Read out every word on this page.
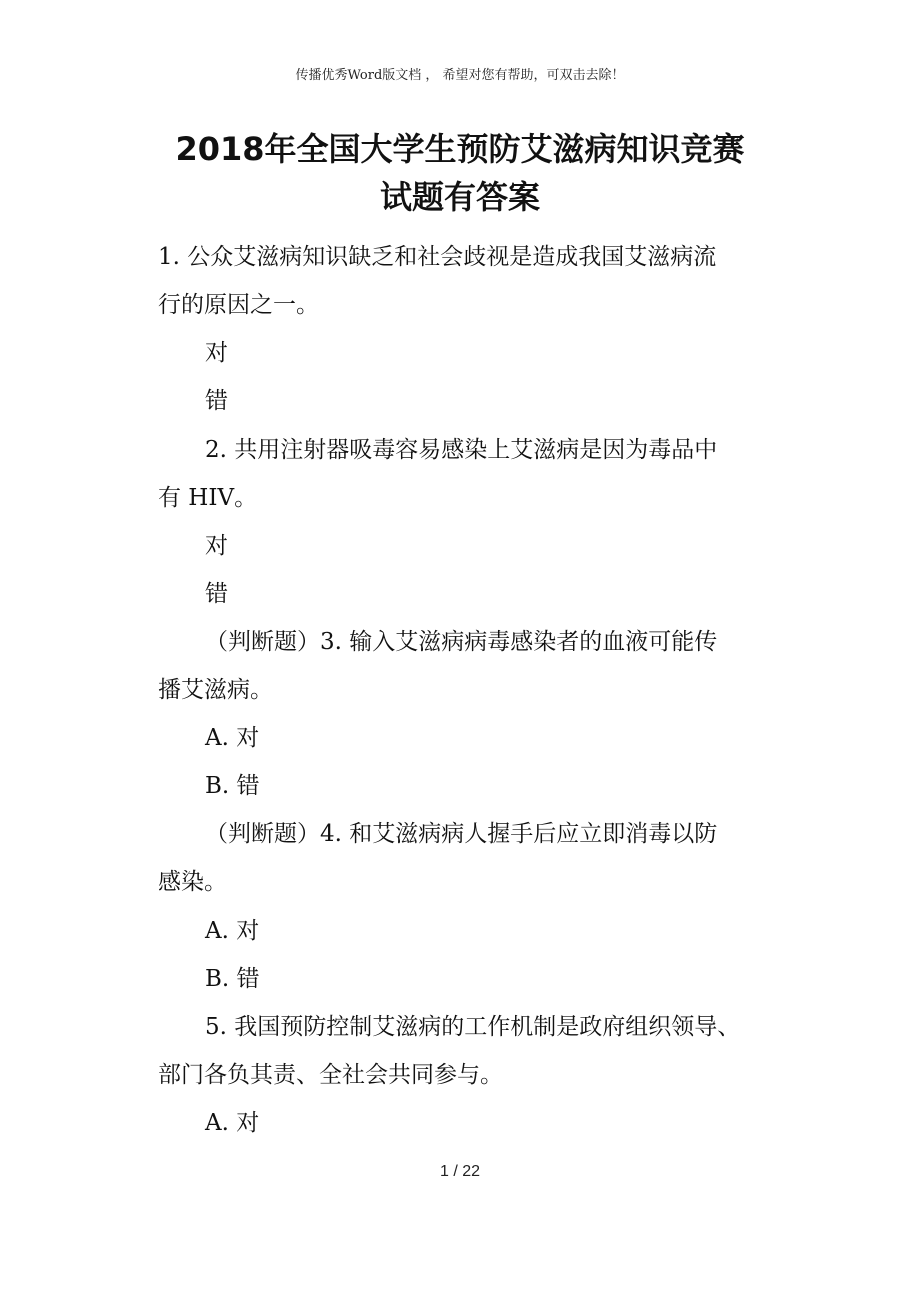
传播优秀Word版文档 ， 希望对您有帮助，可双击去除！
2018年全国大学生预防艾滋病知识竞赛
试题有答案
1. 公众艾滋病知识缺乏和社会歧视是造成我国艾滋病流
行的原因之一。
对
错
2. 共用注射器吸毒容易感染上艾滋病是因为毒品中
有 HIV。
对
错
（判断题）3. 输入艾滋病病毒感染者的血液可能传
播艾滋病。
A. 对
B. 错
（判断题）4. 和艾滋病病人握手后应立即消毒以防
感染。
A. 对
B. 错
5. 我国预防控制艾滋病的工作机制是政府组织领导、
部门各负其责、全社会共同参与。
A. 对
1 / 22
